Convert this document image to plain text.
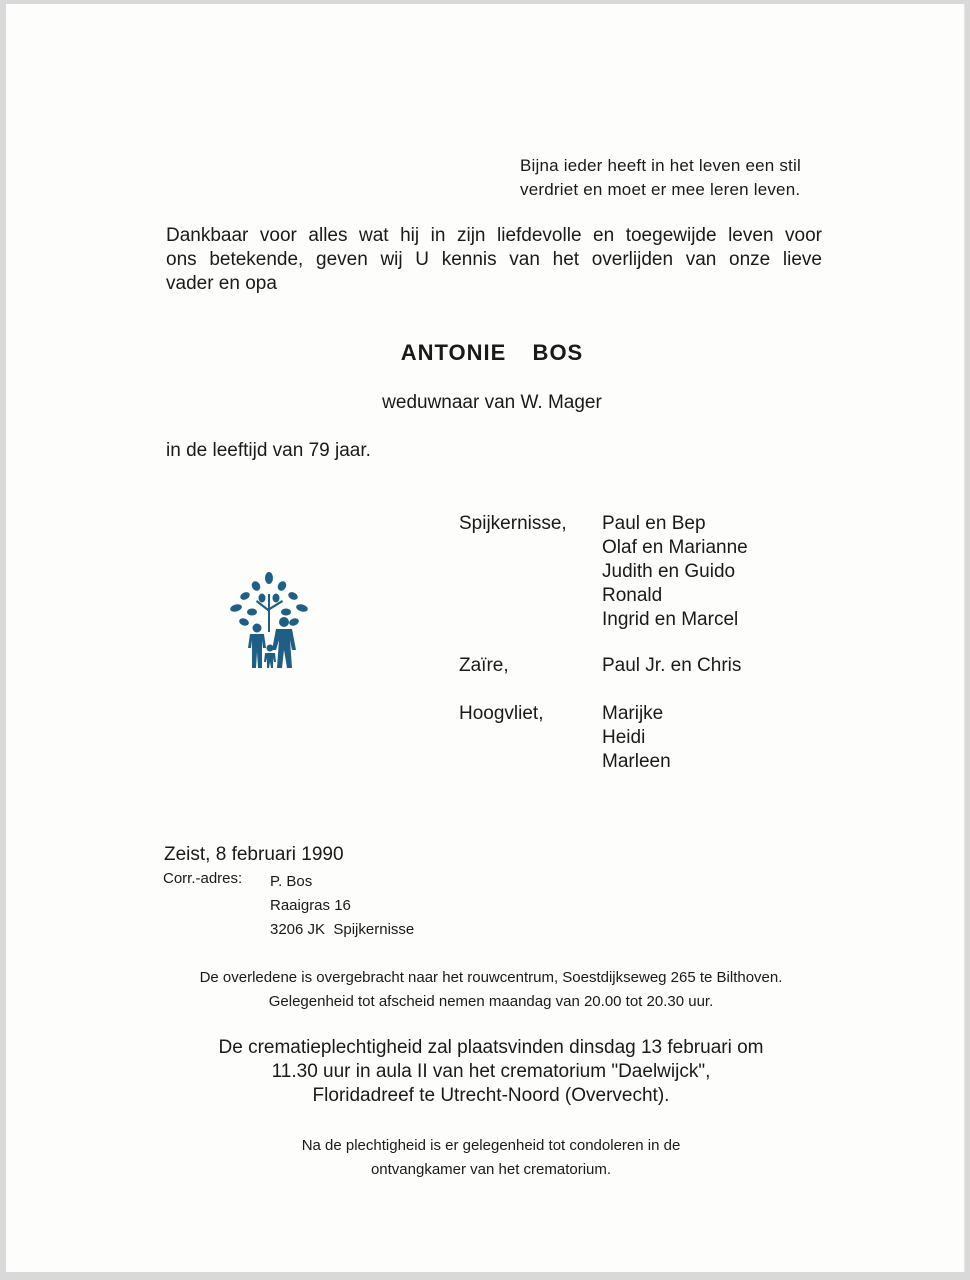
Bijna ieder heeft in het leven een stil
verdriet en moet er mee leren leven.
Dankbaar voor alles wat hij in zijn liefdevolle en toegewijde leven voor
ons betekende, geven wij U kennis van het overlijden van onze lieve
vader en opa
ANTONIE  BOS
weduwnaar van W. Mager
in de leeftijd van 79 jaar.
Spijkernisse, Paul en Bep
Olaf en Marianne
Judith en Guido
Ronald
Ingrid en Marcel
Zaïre,	Paul Jr. en Chris
Hoogvliet,	Marijke
Heidi
Marleen
Zeist, 8 februari 1990
Corr.-adres: P. Bos
Raaigras 16
3206 JK  Spijkernisse
De overledene is overgebracht naar het rouwcentrum, Soestdijkseweg 265 te Bilthoven.
Gelegenheid tot afscheid nemen maandag van 20.00 tot 20.30 uur.
De crematieplechtigheid zal plaatsvinden dinsdag 13 februari om
11.30 uur in aula II van het crematorium "Daelwijck",
Floridadreef te Utrecht-Noord (Overvecht).
Na de plechtigheid is er gelegenheid tot condoleren in de
ontvangkamer van het crematorium.
